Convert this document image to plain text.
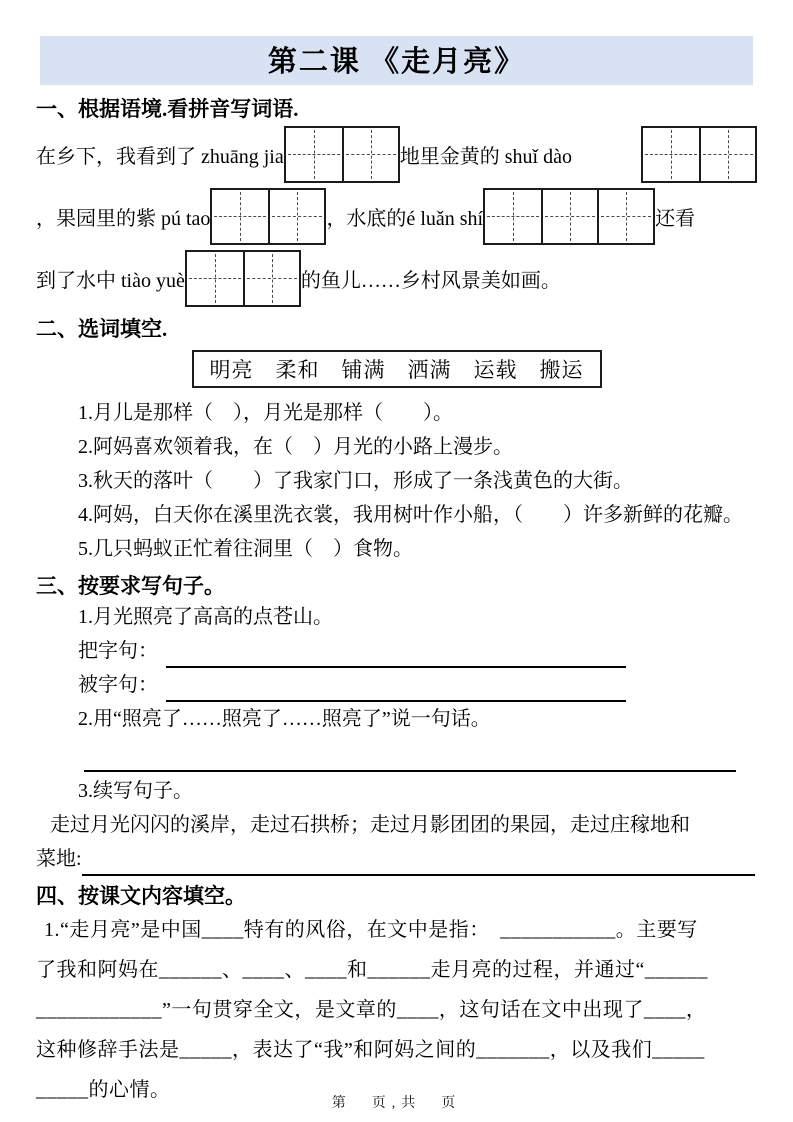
第二课 《走月亮》
一、根据语境.看拼音写词语.
在乡下，我看到了 zhuāng jia	地里金黄的 shuǐ dào
，果园里的紫 pú tao	，水底的é luǎn shí	还看
到了水中 tiào yuè	的鱼儿……乡村风景美如画。
二、选词填空.
明亮　柔和　铺满　洒满　运载　搬运
1.月儿是那样（　），月光是那样（　　）。
2.阿妈喜欢领着我，在（　）月光的小路上漫步。
3.秋天的落叶（　　）了我家门口，形成了一条浅黄色的大街。
4.阿妈，白天你在溪里洗衣裳，我用树叶作小船，（　　）许多新鲜的花瓣。
5.几只蚂蚁正忙着往洞里（　）食物。
三、按要求写句子。
1.月光照亮了高高的点苍山。
把字句：
被字句：
2.用“照亮了……照亮了……照亮了”说一句话。
3.续写句子。
走过月光闪闪的溪岸，走过石拱桥；走过月影团团的果园，走过庄稼地和
菜地:
四、按课文内容填空。
1.“走月亮”是中国____特有的风俗，在文中是指：　___________。主要写
了我和阿妈在______、____、____和______走月亮的过程，并通过“______
____________”一句贯穿全文，是文章的____，这句话在文中出现了____，
这种修辞手法是_____，表达了“我”和阿妈之间的_______，以及我们_____
_____的心情。
第　页,共　页
